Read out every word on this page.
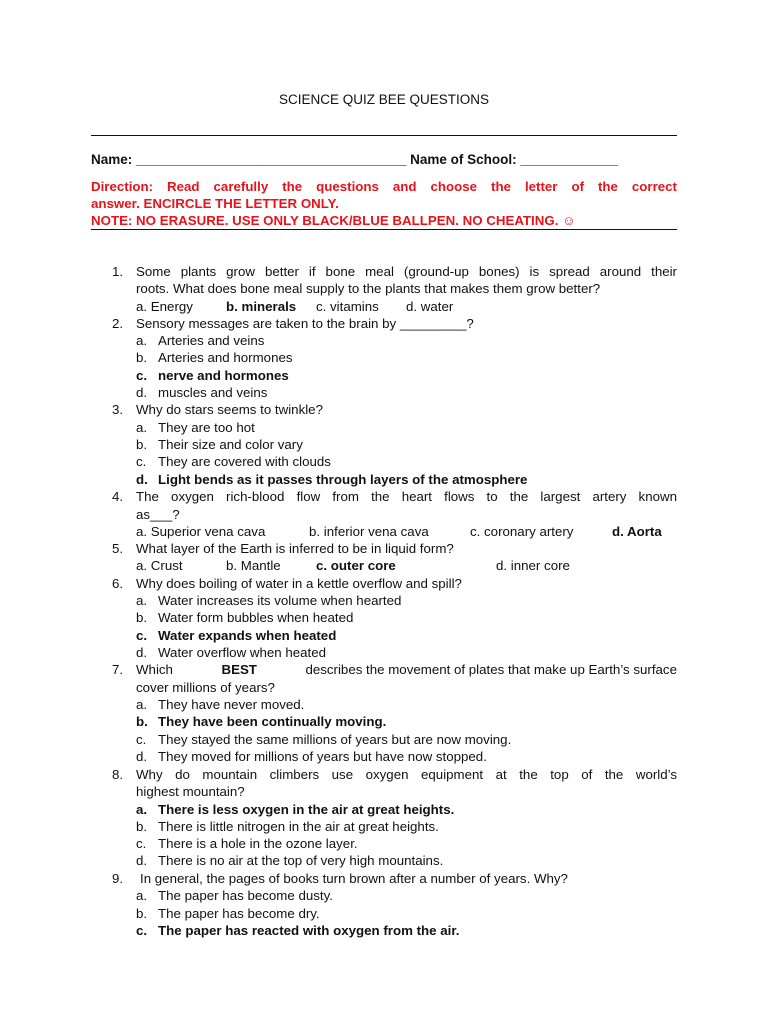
SCIENCE QUIZ BEE QUESTIONS
Name: ____________________________________ Name of School: _____________
Direction: Read carefully the questions and choose the letter of the correct
answer. ENCIRCLE THE LETTER ONLY.
NOTE: NO ERASURE. USE ONLY BLACK/BLUE BALLPEN. NO CHEATING. ☺
1. Some plants grow better if bone meal (ground-up bones) is spread around their
roots. What does bone meal supply to the plants that makes them grow better?
a. Energy b. minerals c. vitamins d. water
2. Sensory messages are taken to the brain by _________?
a. Arteries and veins
b. Arteries and hormones
c. nerve and hormones
d. muscles and veins
3. Why do stars seems to twinkle?
a. They are too hot
b. Their size and color vary
c. They are covered with clouds
d. Light bends as it passes through layers of the atmosphere
4. The oxygen rich-blood flow from the heart flows to the largest artery known
as___?
a. Superior vena cava	b. inferior vena cava	c. coronary artery	d. Aorta
5. What layer of the Earth is inferred to be in liquid form?
a. Crust	b. Mantle	c. outer core	d. inner core
6. Why does boiling of water in a kettle overflow and spill?
a. Water increases its volume when hearted
b. Water form bubbles when heated
c. Water expands when heated
d. Water overflow when heated
7. Which	BEST	describes the movement of plates that make up Earth’s surface
cover millions of years?
a. They have never moved.
b. They have been continually moving.
c. They stayed the same millions of years but are now moving.
d. They moved for millions of years but have now stopped.
8. Why do mountain climbers use oxygen equipment at the top of the world’s
highest mountain?
a. There is less oxygen in the air at great heights.
b. There is little nitrogen in the air at great heights.
c. There is a hole in the ozone layer.
d. There is no air at the top of very high mountains.
9. In general, the pages of books turn brown after a number of years. Why?
a. The paper has become dusty.
b. The paper has become dry.
c. The paper has reacted with oxygen from the air.
